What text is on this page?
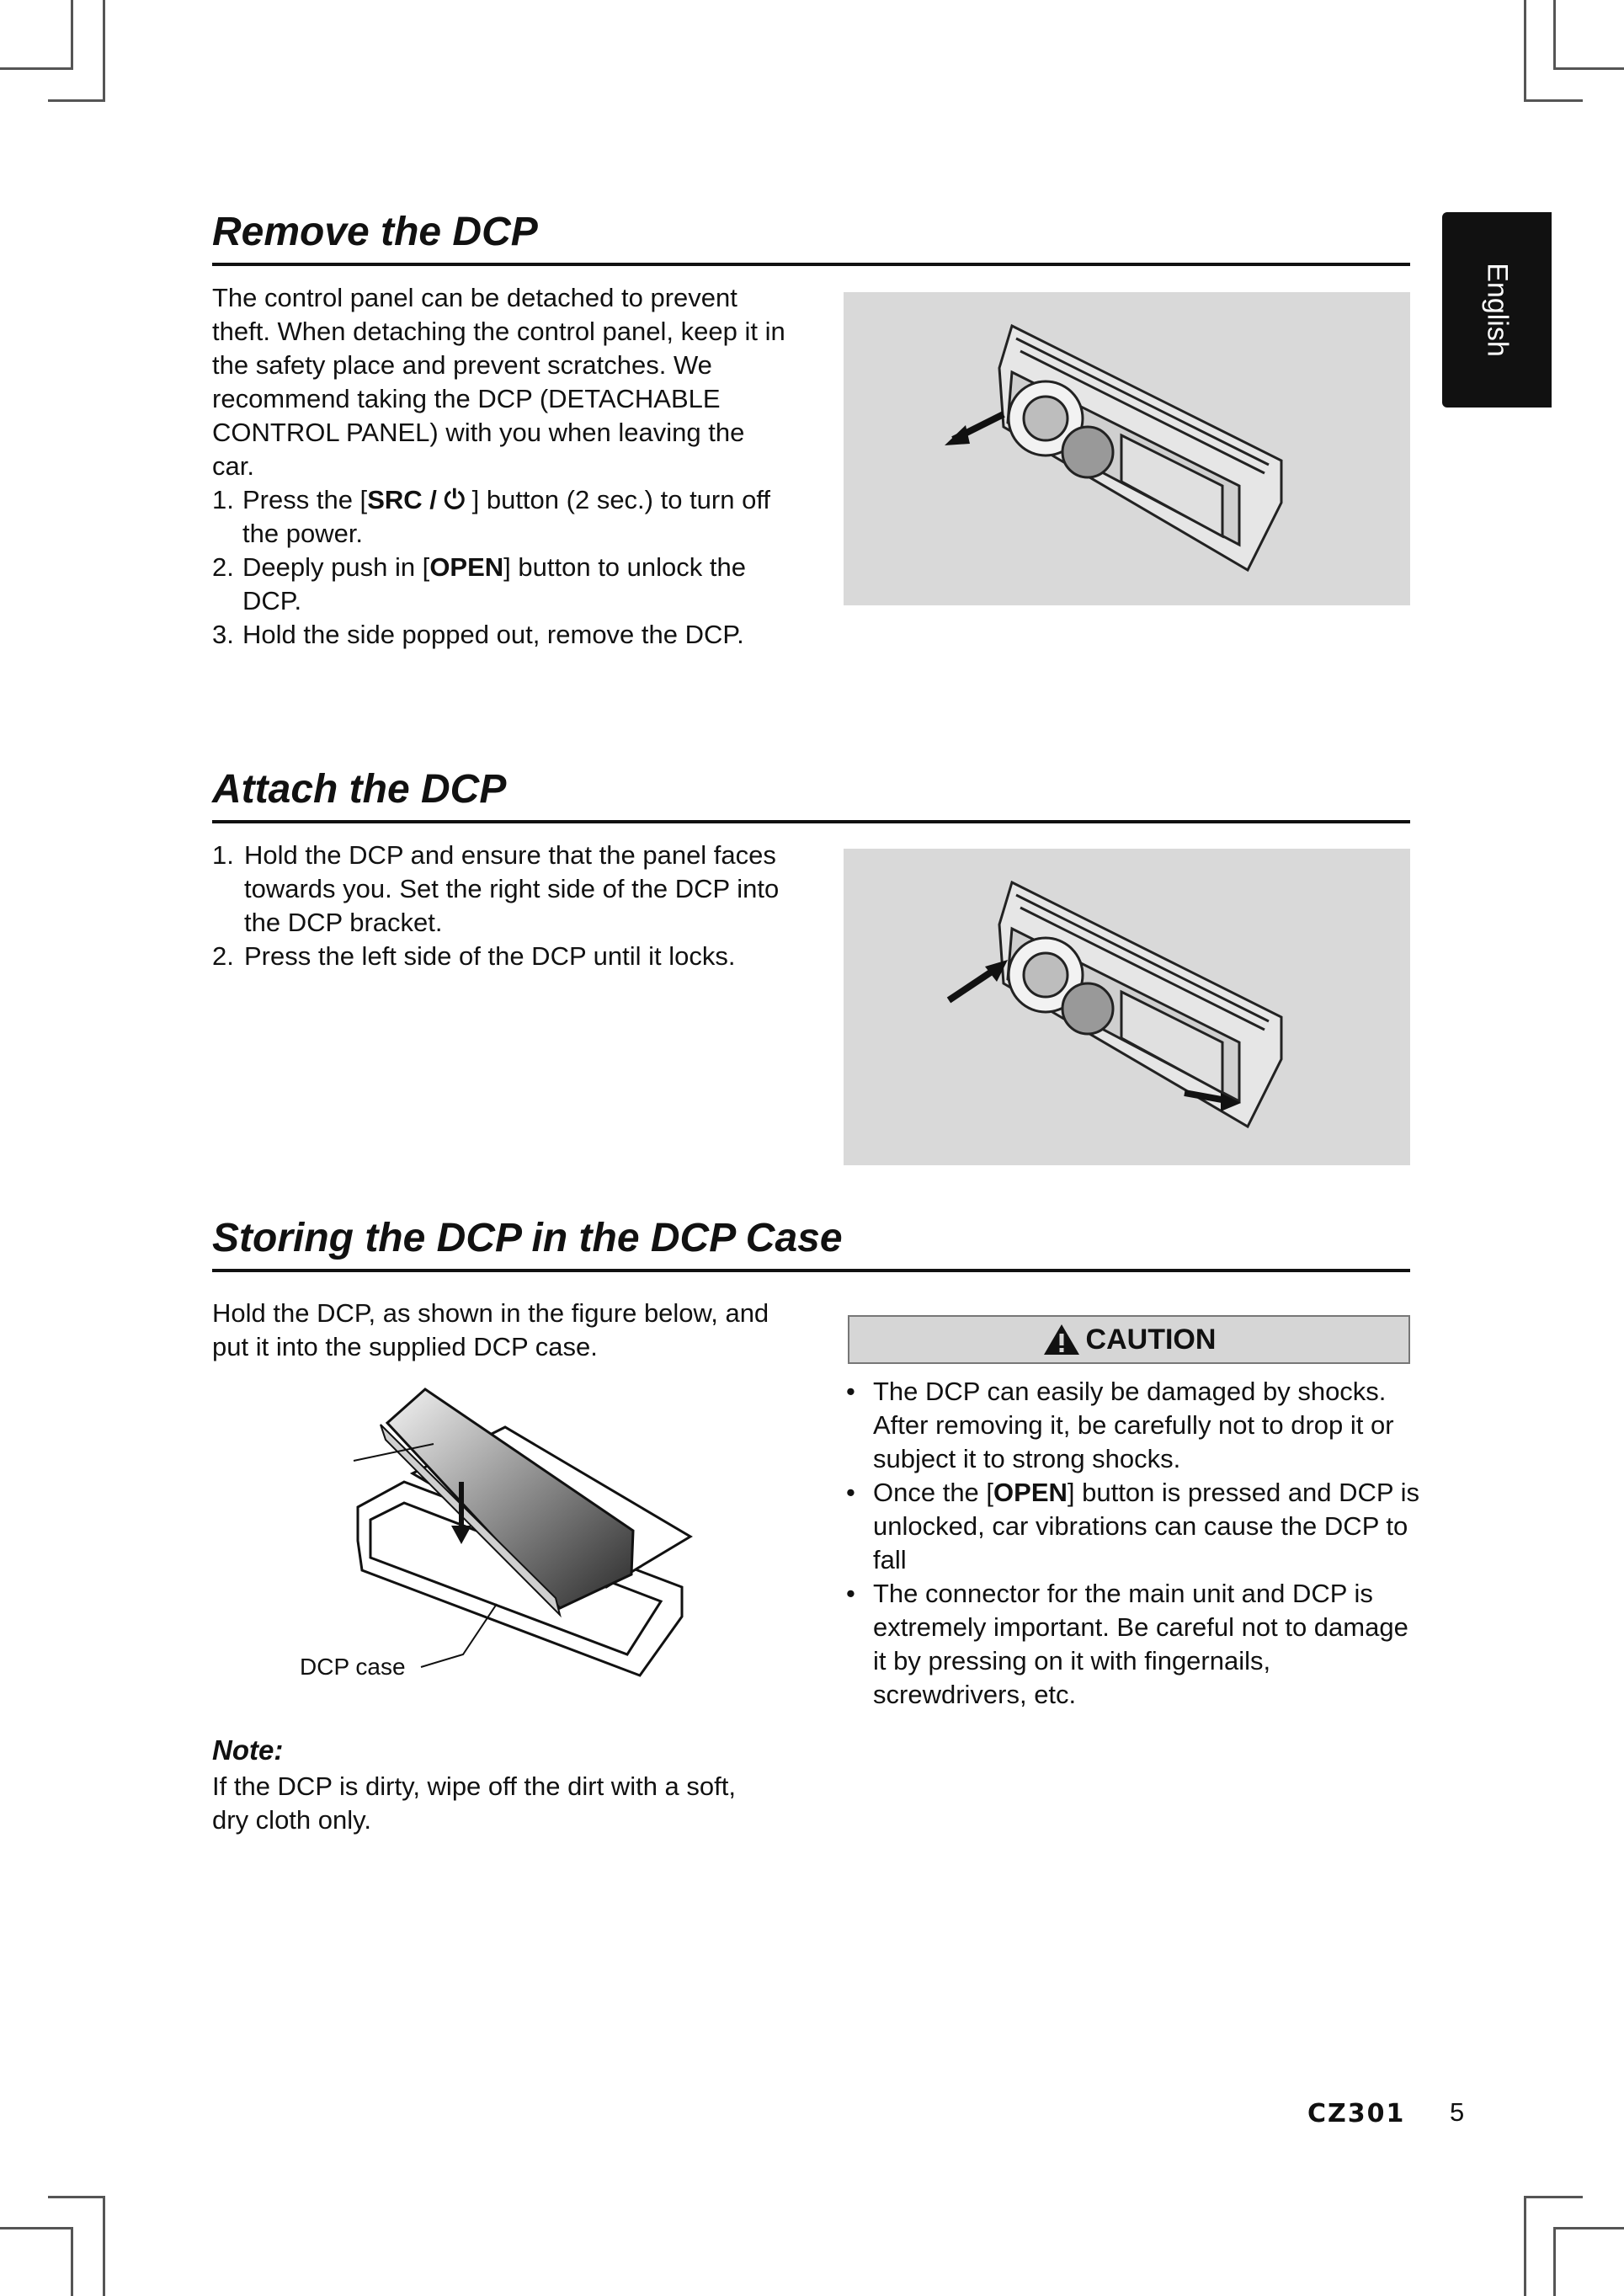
English
Remove the DCP

The control panel can be detached to prevent theft. When detaching the control panel, keep it in the safety place and prevent scratches. We recommend taking the DCP (DETACHABLE CONTROL PANEL) with you when leaving the car.

1. Press the [SRC / ⏻ ] button (2 sec.) to turn off the power.
2. Deeply push in [OPEN] button to unlock the DCP.
3. Hold the side popped out, remove the DCP.
Attach the DCP
1. Hold the DCP and ensure that the panel faces towards you. Set the right side of the DCP into the DCP bracket.
2. Press the left side of the DCP until it locks.
Storing the DCP in the DCP Case
Hold the DCP, as shown in the figure below, and put it into the supplied DCP case.
DCP case
Note:
If the DCP is dirty, wipe off the dirt with a soft, dry cloth only.
CAUTION
• The DCP can easily be damaged by shocks. After removing it, be carefully not to drop it or subject it to strong shocks.
• Once the [OPEN] button is pressed and DCP is unlocked, car vibrations can cause the DCP to fall
• The connector for the main unit and DCP is extremely important. Be careful not to damage it by pressing on it with fingernails, screwdrivers, etc.
CZ301 5
